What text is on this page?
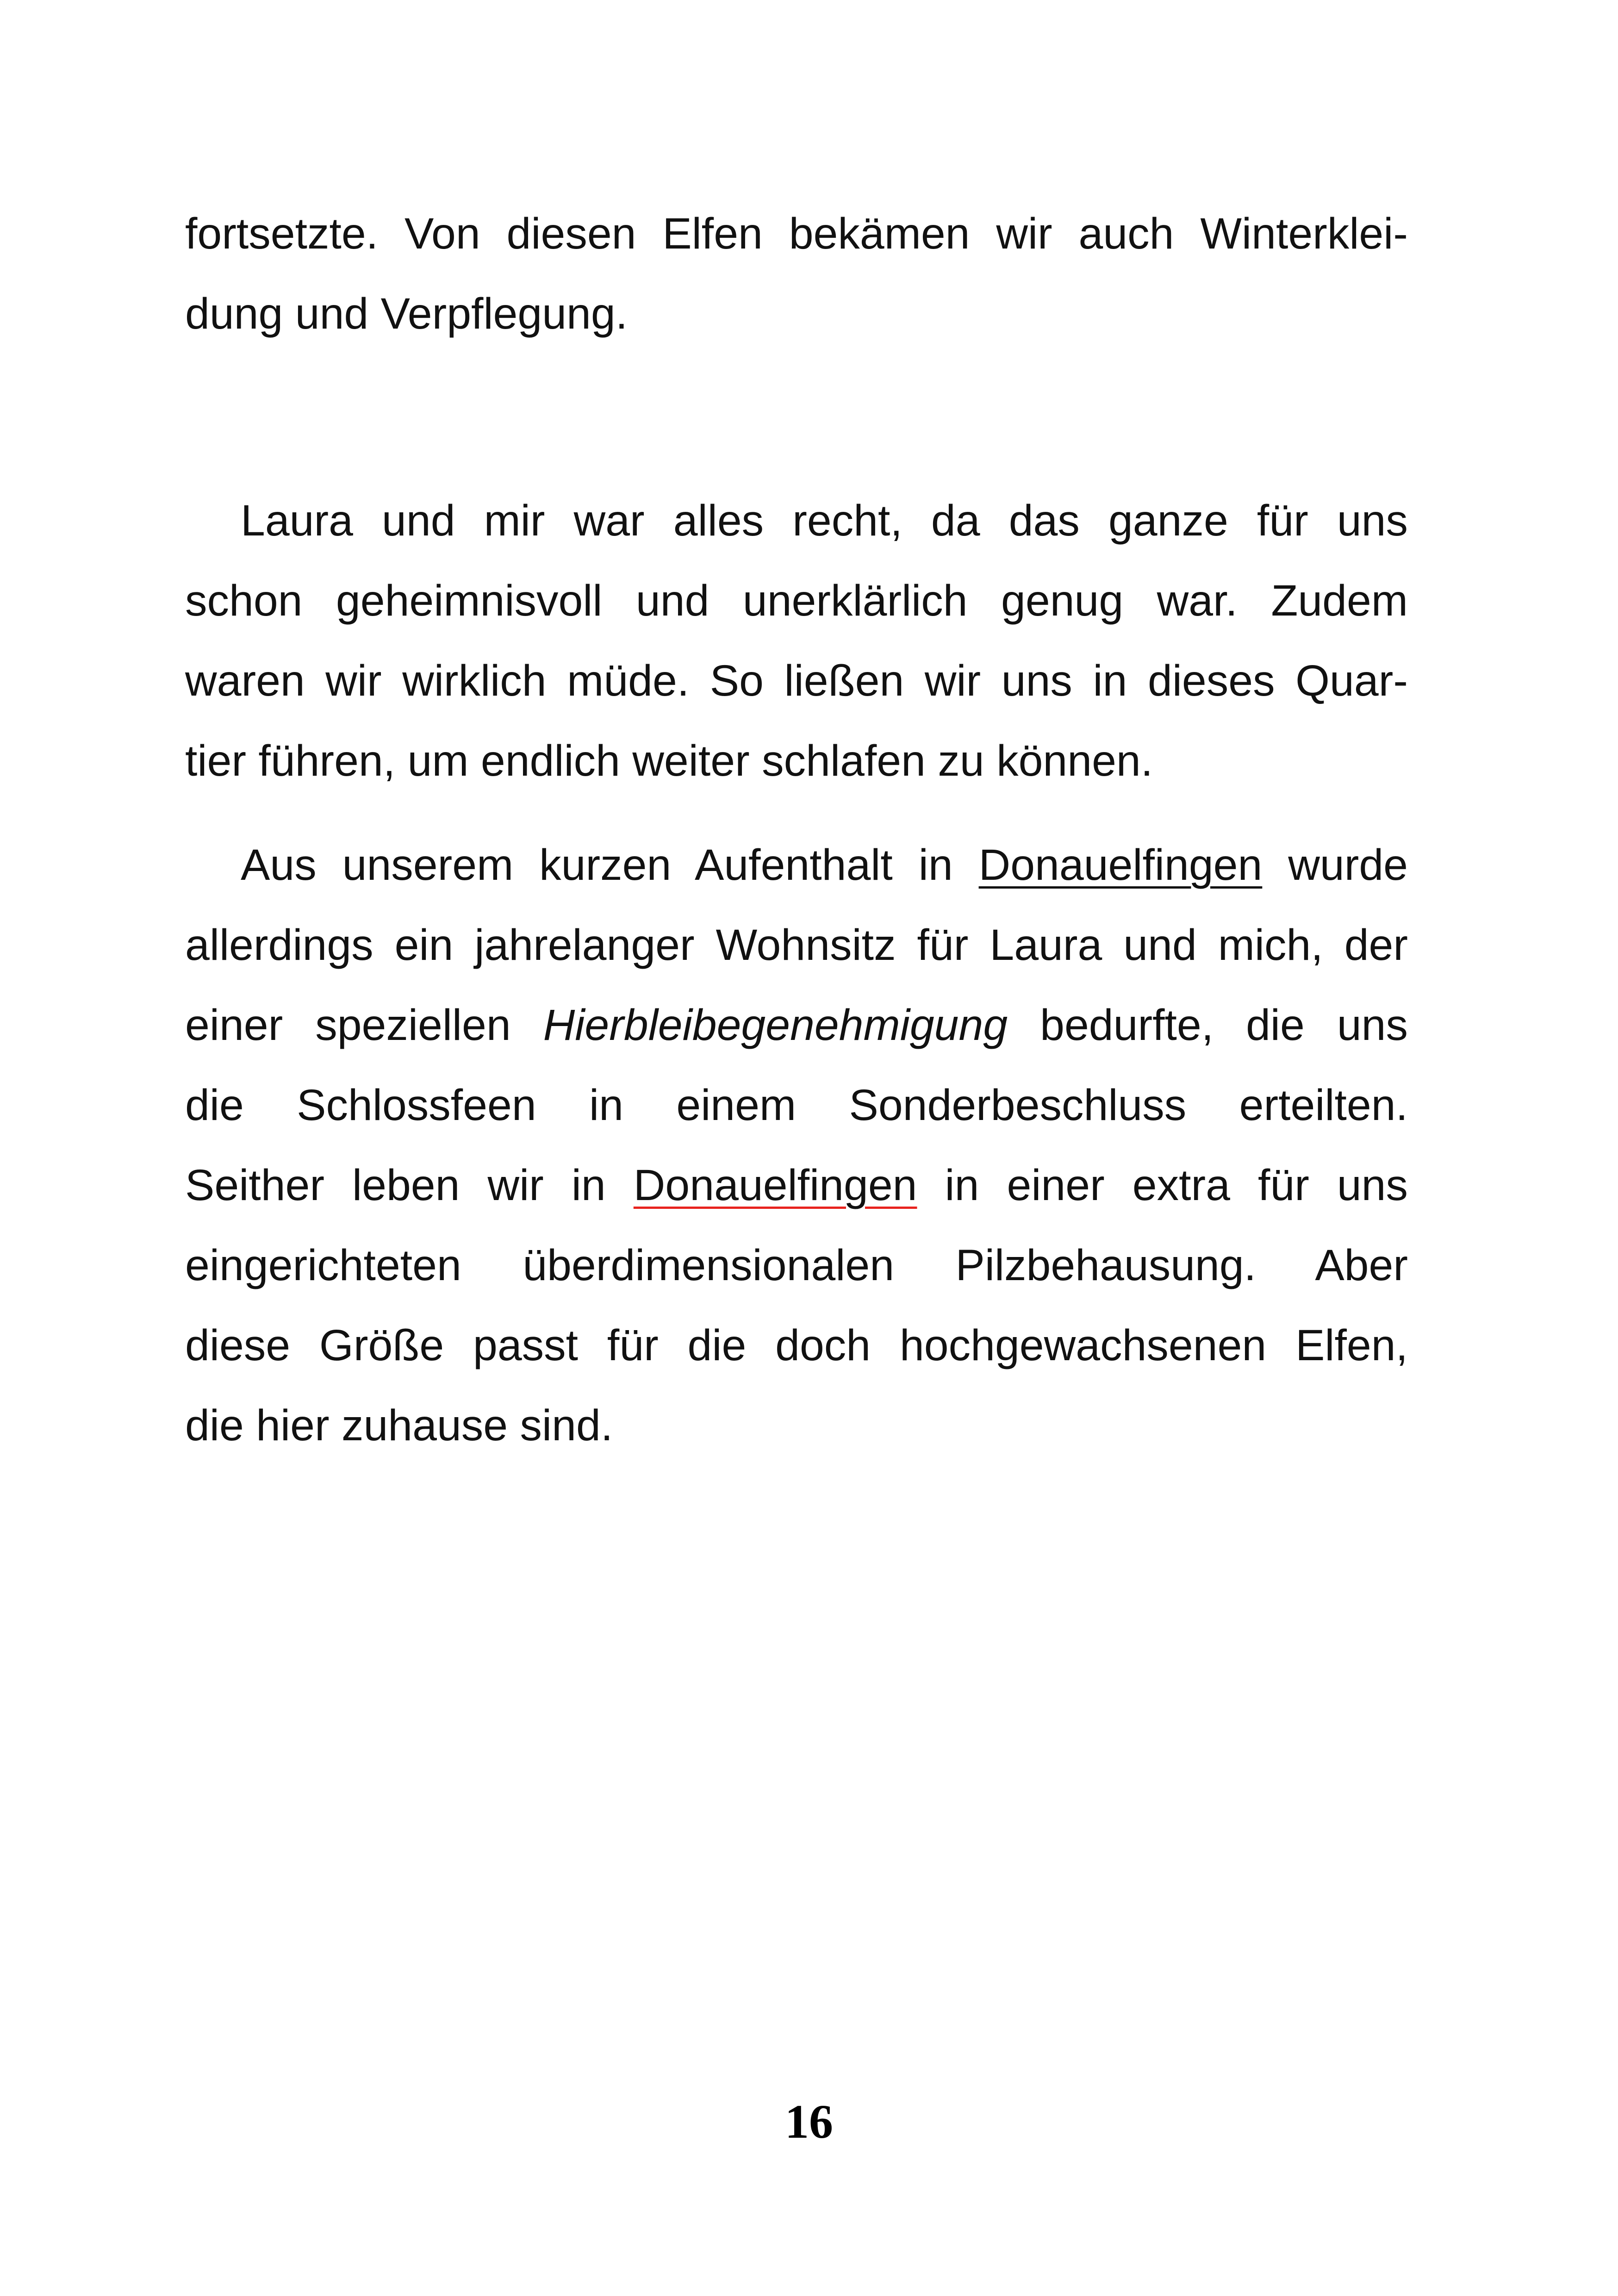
fortsetzte. Von diesen Elfen bekämen wir auch Winterklei-
dung und Verpflegung.
Laura und mir war alles recht, da das ganze für uns
schon geheimnisvoll und unerklärlich genug war. Zudem
waren wir wirklich müde. So ließen wir uns in dieses Quar-
tier führen, um endlich weiter schlafen zu können.
Aus unserem kurzen Aufenthalt in Donauelfingen wurde
allerdings ein jahrelanger Wohnsitz für Laura und mich, der
einer speziellen Hierbleibegenehmigung bedurfte, die uns
die Schlossfeen in einem Sonderbeschluss erteilten.
Seither leben wir in Donauelfingen in einer extra für uns
eingerichteten überdimensionalen Pilzbehausung. Aber
diese Größe passt für die doch hochgewachsenen Elfen,
die hier zuhause sind.
16
